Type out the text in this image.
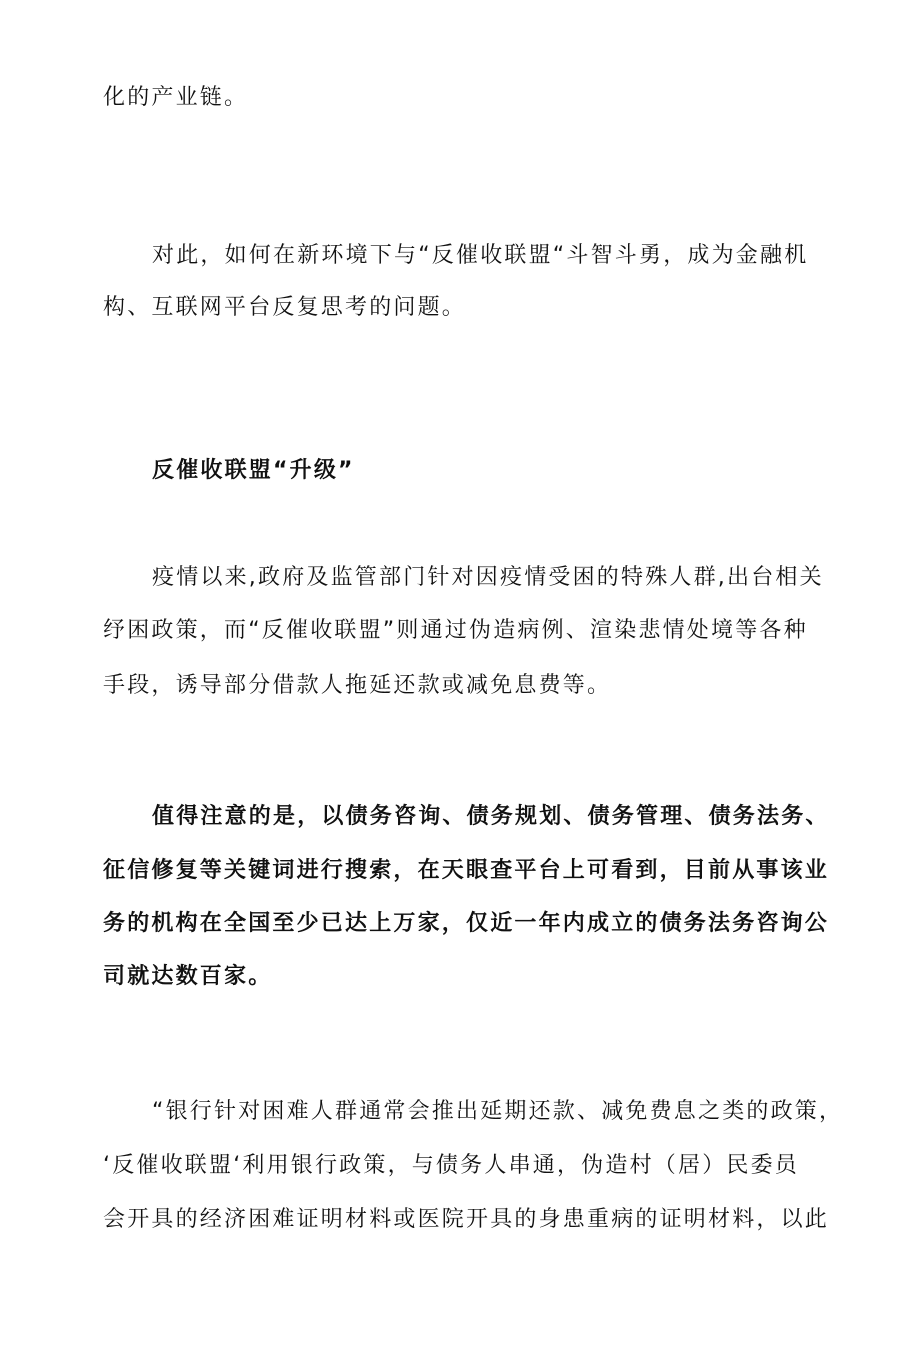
化的产业链。
对此，如何在新环境下与“反催收联盟“斗智斗勇，成为金融机
构、互联网平台反复思考的问题。
反催收联盟“升级”
疫情以来,政府及监管部门针对因疫情受困的特殊人群,出台相关
纾困政策，而“反催收联盟”则通过伪造病例、渲染悲情处境等各种
手段，诱导部分借款人拖延还款或减免息费等。
值得注意的是，以债务咨询、债务规划、债务管理、债务法务、
征信修复等关键词进行搜索，在天眼查平台上可看到，目前从事该业
务的机构在全国至少已达上万家，仅近一年内成立的债务法务咨询公
司就达数百家。
“银行针对困难人群通常会推出延期还款、减免费息之类的政策，
‘反催收联盟‘利用银行政策，与债务人串通，伪造村（居）民委员
会开具的经济困难证明材料或医院开具的身患重病的证明材料，以此
